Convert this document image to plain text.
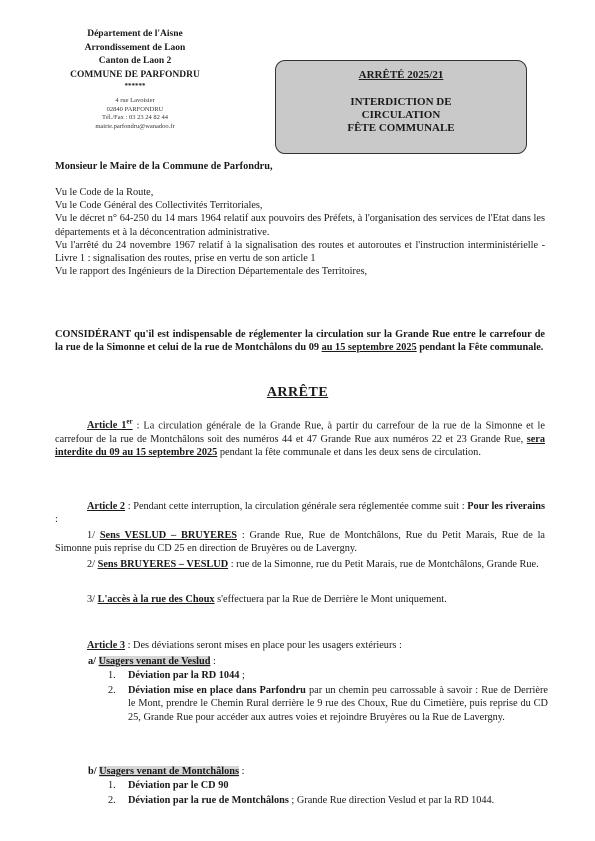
Département de l'Aisne
Arrondissement de Laon
Canton de Laon 2
COMMUNE DE PARFONDRU
******
4 rue Lavoisier
02840 PARFONDRU
Tél./Fax : 03 23 24 82 44
mairie.parfondru@wanadoo.fr
ARRÊTÉ 2025/21
INTERDICTION DE
CIRCULATION
FÊTE COMMUNALE
Monsieur le Maire de la Commune de Parfondru,

Vu le Code de la Route,

Vu le Code Général des Collectivités Territoriales,

Vu le décret n° 64-250 du 14 mars 1964 relatif aux pouvoirs des Préfets, à l'organisation des services de l'Etat dans les départements et à la déconcentration administrative.

Vu l'arrêté du 24 novembre 1967 relatif à la signalisation des routes et autoroutes et l'instruction interministérielle - Livre 1 : signalisation des routes, prise en vertu de son article 1

Vu le rapport des Ingénieurs de la Direction Départementale des Territoires,

CONSIDÉRANT qu'il est indispensable de réglementer la circulation sur la Grande Rue entre le carrefour de la rue de la Simonne et celui de la rue de Montchâlons du 09 au 15 septembre 2025 pendant la Fête communale.
ARRÊTE
Article 1er : La circulation générale de la Grande Rue, à partir du carrefour de la rue de la Simonne et le carrefour de la rue de Montchâlons soit des numéros 44 et 47 Grande Rue aux numéros 22 et 23 Grande Rue, sera interdite du 09 au 15 septembre 2025 pendant la fête communale et dans les deux sens de circulation.
Article 2 : Pendant cette interruption, la circulation générale sera réglementée comme suit : Pour les riverains :
1/ Sens VESLUD – BRUYERES : Grande Rue, Rue de Montchâlons, Rue du Petit Marais, Rue de la Simonne puis reprise du CD 25 en direction de Bruyères ou de Lavergny.
2/ Sens BRUYERES – VESLUD : rue de la Simonne, rue du Petit Marais, rue de Montchâlons, Grande Rue.
3/ L'accès à la rue des Choux s'effectuera par la Rue de Derrière le Mont uniquement.
Article 3 : Des déviations seront mises en place pour les usagers extérieurs :
a/ Usagers venant de Veslud :
1.	Déviation par la RD 1044 ;
2.	Déviation mise en place dans Parfondru par un chemin peu carrossable à savoir : Rue de Derrière le Mont, prendre le Chemin Rural derrière le 9 rue des Choux, Rue du Cimetière, puis reprise du CD 25, Grande Rue pour accéder aux autres voies et rejoindre Bruyères ou la Rue de Lavergny.
b/ Usagers venant de Montchâlons :
1.	Déviation par le CD 90
2.	Déviation par la rue de Montchâlons ; Grande Rue direction Veslud et par la RD 1044.
